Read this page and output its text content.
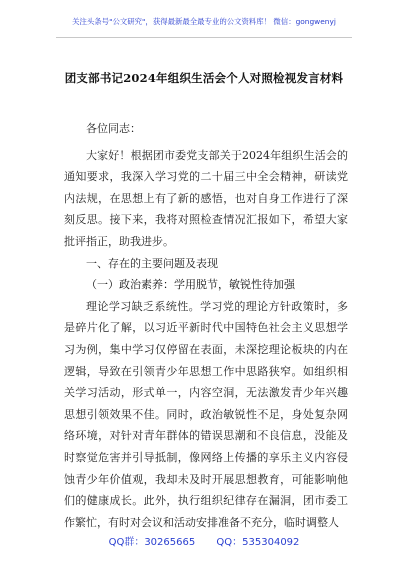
关注头条号"公文研究"，获得最新最全最专业的公文资料库！ 微信：gongwenyj
团支部书记2024年组织生活会个人对照检视发言材料

各位同志：

大家好！根据团市委党支部关于2024年组织生活会的通知要求，我深入学习党的二十届三中全会精神，研读党内法规，在思想上有了新的感悟，也对自身工作进行了深刻反思。接下来，我将对照检查情况汇报如下，希望大家批评指正，助我进步。

一、存在的主要问题及表现

（一）政治素养：学用脱节，敏锐性待加强

理论学习缺乏系统性。学习党的理论方针政策时，多是碎片化了解，以习近平新时代中国特色社会主义思想学习为例，集中学习仅停留在表面，未深挖理论板块的内在逻辑，导致在引领青少年思想工作中思路狭窄。如组织相关学习活动，形式单一，内容空洞，无法激发青少年兴趣思想引领效果不佳。同时，政治敏锐性不足，身处复杂网络环境，对针对青年群体的错误思潮和不良信息，没能及时察觉危害并引导抵制，像网络上传播的享乐主义内容侵蚀青少年价值观，我却未及时开展思想教育，可能影响他们的健康成长。此外，执行组织纪律存在漏洞，团市委工作繁忙，有时对会议和活动安排准备不充分，临时调整人

QQ群：30265665 QQ：535304092
